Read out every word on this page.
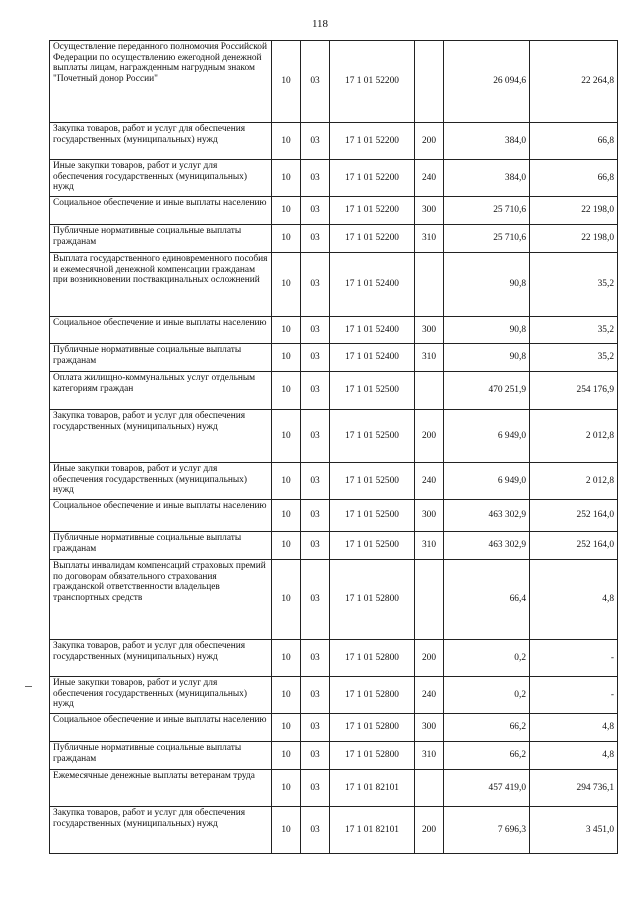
118
Осуществление переданного полномочия Российской Федерации по осуществлению ежегодной денежной выплаты лицам, награжденным нагрудным знаком "Почетный донор России"	10	03	17 1 01 52200		26 094,6	22 264,8
Закупка товаров, работ и услуг для обеспечения государственных (муниципальных) нужд	10	03	17 1 01 52200	200	384,0	66,8
Иные закупки товаров, работ и услуг для обеспечения государственных (муниципальных) нужд	10	03	17 1 01 52200	240	384,0	66,8
Социальное обеспечение и иные выплаты населению	10	03	17 1 01 52200	300	25 710,6	22 198,0
Публичные нормативные социальные выплаты гражданам	10	03	17 1 01 52200	310	25 710,6	22 198,0
Выплата государственного единовременного пособия и ежемесячной денежной компенсации гражданам при возникновении поствакцинальных осложнений	10	03	17 1 01 52400		90,8	35,2
Социальное обеспечение и иные выплаты населению	10	03	17 1 01 52400	300	90,8	35,2
Публичные нормативные социальные выплаты гражданам	10	03	17 1 01 52400	310	90,8	35,2
Оплата жилищно-коммунальных услуг отдельным категориям граждан	10	03	17 1 01 52500		470 251,9	254 176,9
Закупка товаров, работ и услуг для обеспечения государственных (муниципальных) нужд	10	03	17 1 01 52500	200	6 949,0	2 012,8
Иные закупки товаров, работ и услуг для обеспечения государственных (муниципальных) нужд	10	03	17 1 01 52500	240	6 949,0	2 012,8
Социальное обеспечение и иные выплаты населению	10	03	17 1 01 52500	300	463 302,9	252 164,0
Публичные нормативные социальные выплаты гражданам	10	03	17 1 01 52500	310	463 302,9	252 164,0
Выплаты инвалидам компенсаций страховых премий по договорам обязательного страхования гражданской ответственности владельцев транспортных средств	10	03	17 1 01 52800		66,4	4,8
Закупка товаров, работ и услуг для обеспечения государственных (муниципальных) нужд	10	03	17 1 01 52800	200	0,2	-
Иные закупки товаров, работ и услуг для обеспечения государственных (муниципальных) нужд	10	03	17 1 01 52800	240	0,2	-
Социальное обеспечение и иные выплаты населению	10	03	17 1 01 52800	300	66,2	4,8
Публичные нормативные социальные выплаты гражданам	10	03	17 1 01 52800	310	66,2	4,8
Ежемесячные денежные выплаты ветеранам труда	10	03	17 1 01 82101		457 419,0	294 736,1
Закупка товаров, работ и услуг для обеспечения государственных (муниципальных) нужд	10	03	17 1 01 82101	200	7 696,3	3 451,0
